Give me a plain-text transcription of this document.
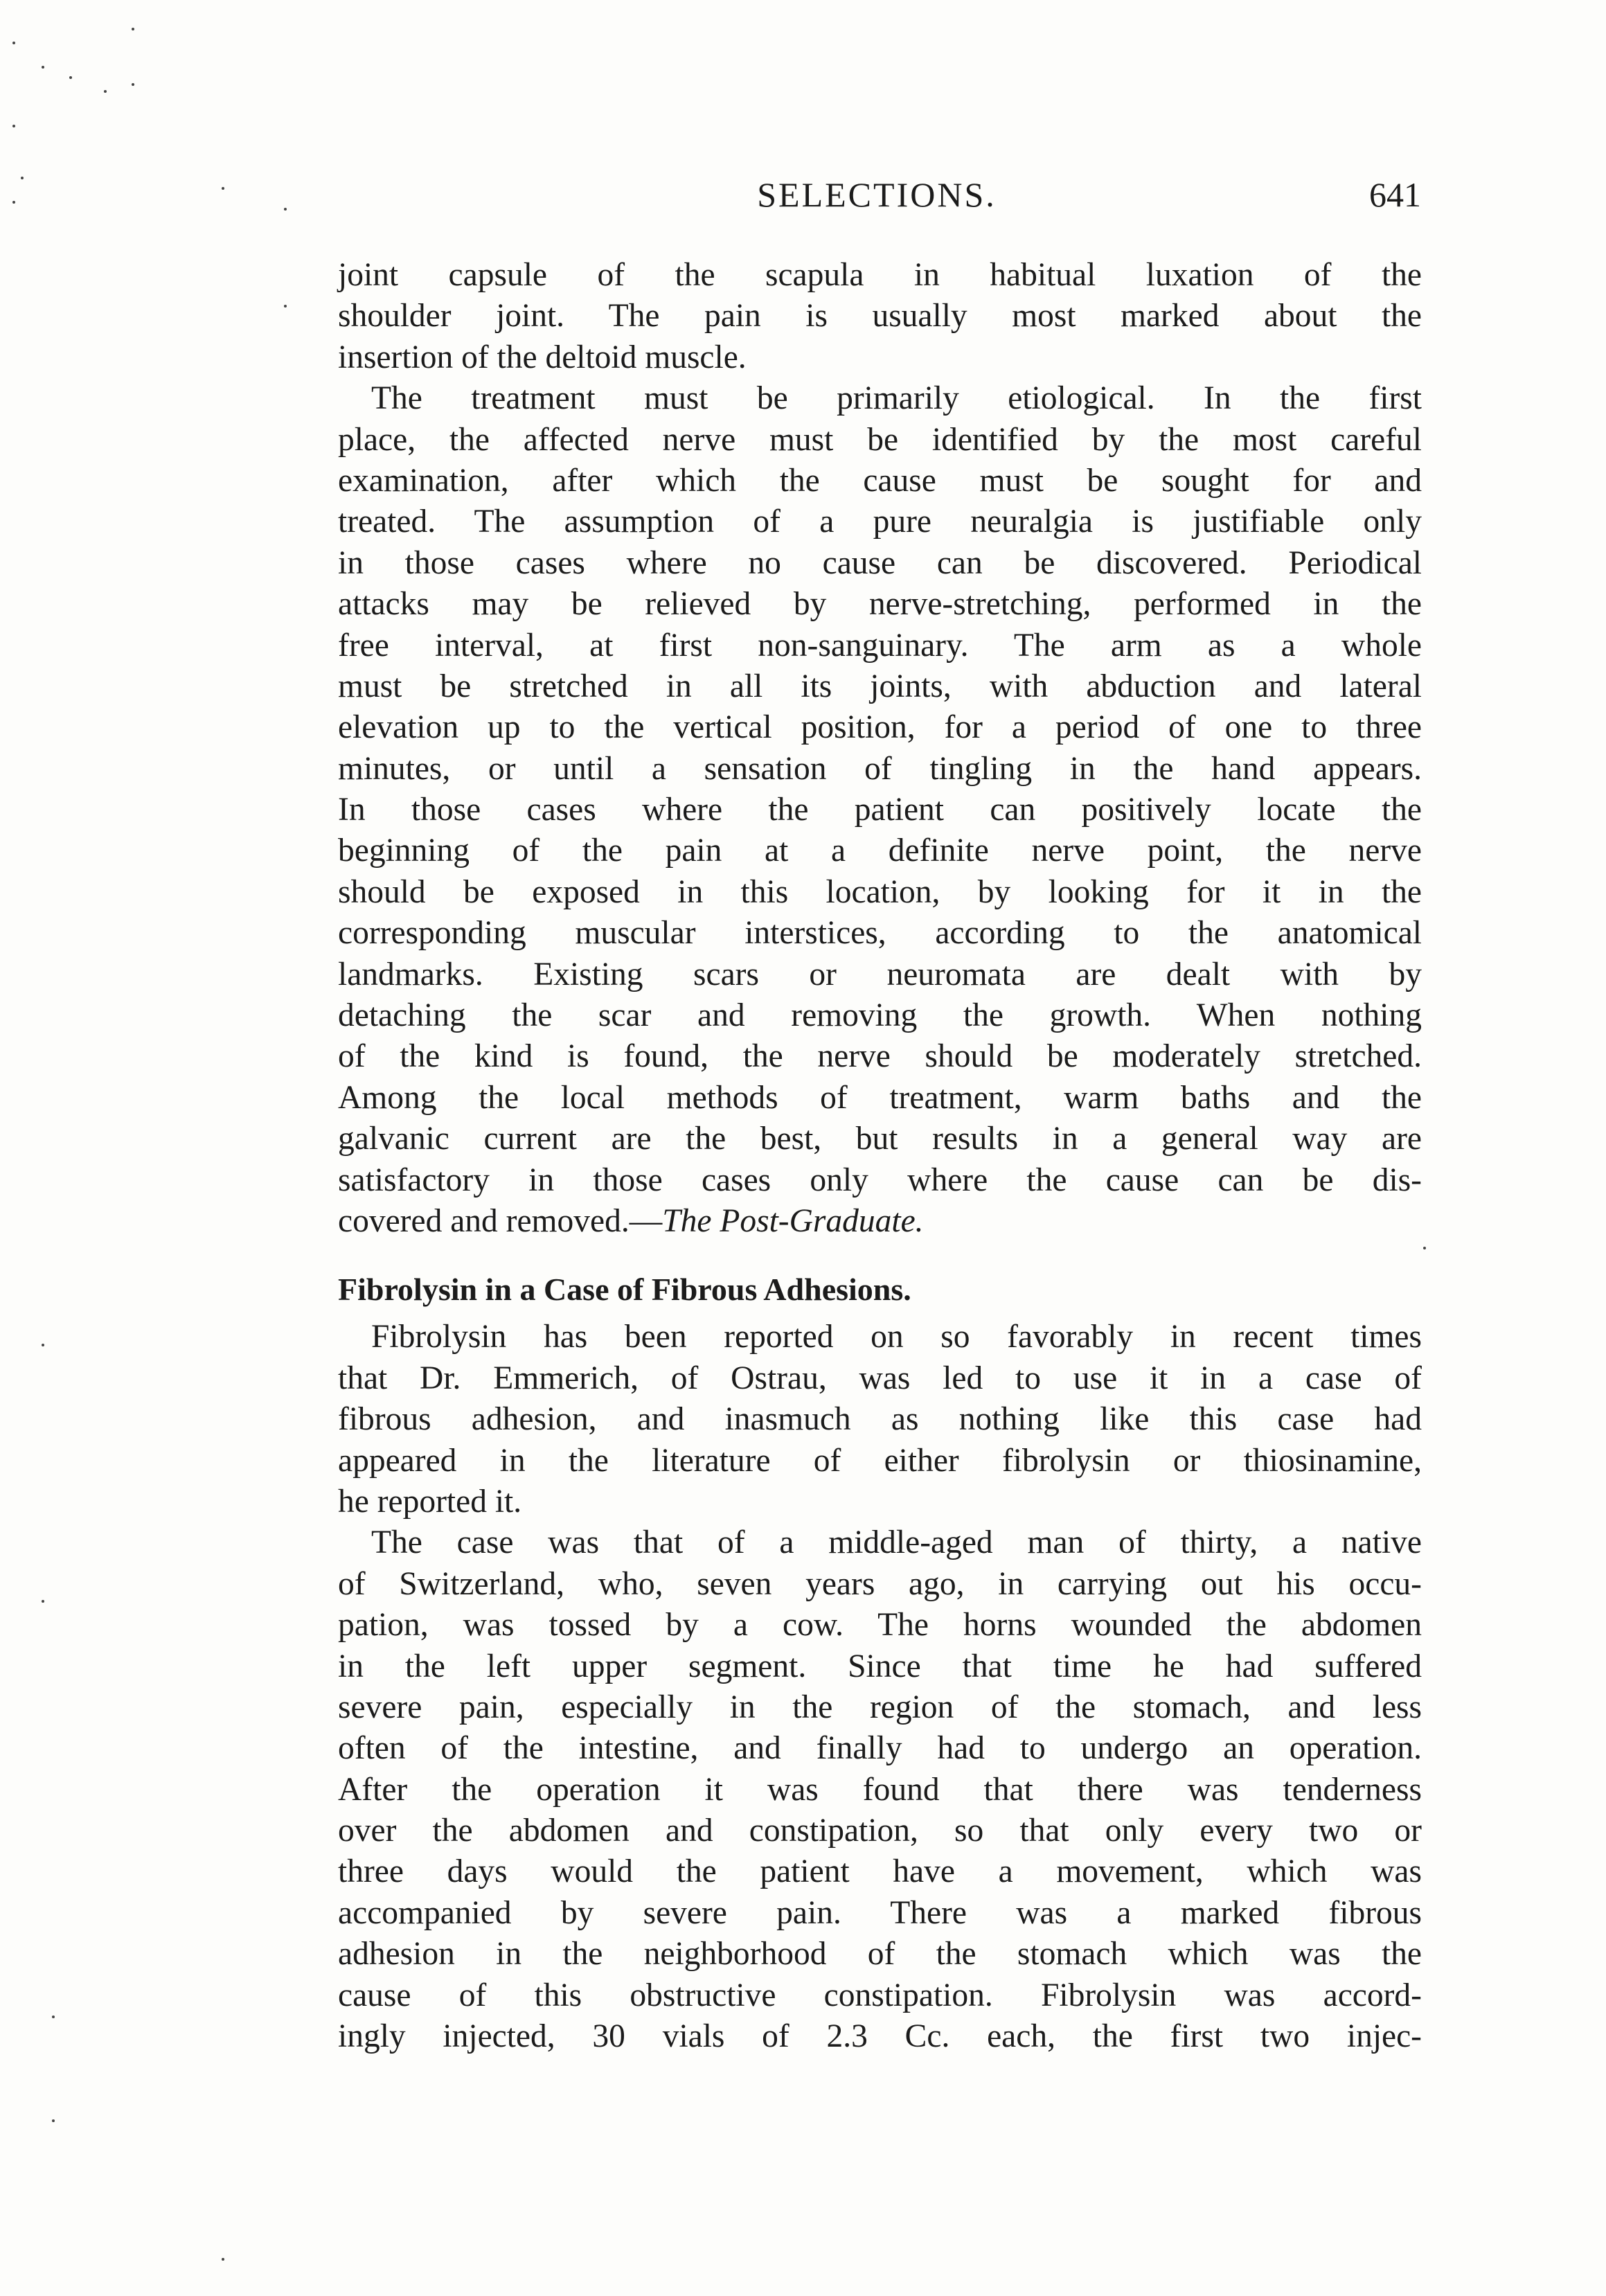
SELECTIONS.	641
joint capsule of the scapula in habitual luxation of the
shoulder joint. The pain is usually most marked about the
insertion of the deltoid muscle.
The treatment must be primarily etiological. In the first
place, the affected nerve must be identified by the most careful
examination, after which the cause must be sought for and
treated. The assumption of a pure neuralgia is justifiable only
in those cases where no cause can be discovered. Periodical
attacks may be relieved by nerve-stretching, performed in the
free interval, at first non-sanguinary. The arm as a whole
must be stretched in all its joints, with abduction and lateral
elevation up to the vertical position, for a period of one to three
minutes, or until a sensation of tingling in the hand appears.
In those cases where the patient can positively locate the
beginning of the pain at a definite nerve point, the nerve
should be exposed in this location, by looking for it in the
corresponding muscular interstices, according to the anatomical
landmarks. Existing scars or neuromata are dealt with by
detaching the scar and removing the growth. When nothing
of the kind is found, the nerve should be moderately stretched.
Among the local methods of treatment, warm baths and the
galvanic current are the best, but results in a general way are
satisfactory in those cases only where the cause can be dis-
covered and removed.—The Post-Graduate.
Fibrolysin in a Case of Fibrous Adhesions.
Fibrolysin has been reported on so favorably in recent times
that Dr. Emmerich, of Ostrau, was led to use it in a case of
fibrous adhesion, and inasmuch as nothing like this case had
appeared in the literature of either fibrolysin or thiosinamine,
he reported it.
The case was that of a middle-aged man of thirty, a native
of Switzerland, who, seven years ago, in carrying out his occu-
pation, was tossed by a cow. The horns wounded the abdomen
in the left upper segment. Since that time he had suffered
severe pain, especially in the region of the stomach, and less
often of the intestine, and finally had to undergo an operation.
After the operation it was found that there was tenderness
over the abdomen and constipation, so that only every two or
three days would the patient have a movement, which was
accompanied by severe pain. There was a marked fibrous
adhesion in the neighborhood of the stomach which was the
cause of this obstructive constipation. Fibrolysin was accord-
ingly injected, 30 vials of 2.3 Cc. each, the first two injec-
